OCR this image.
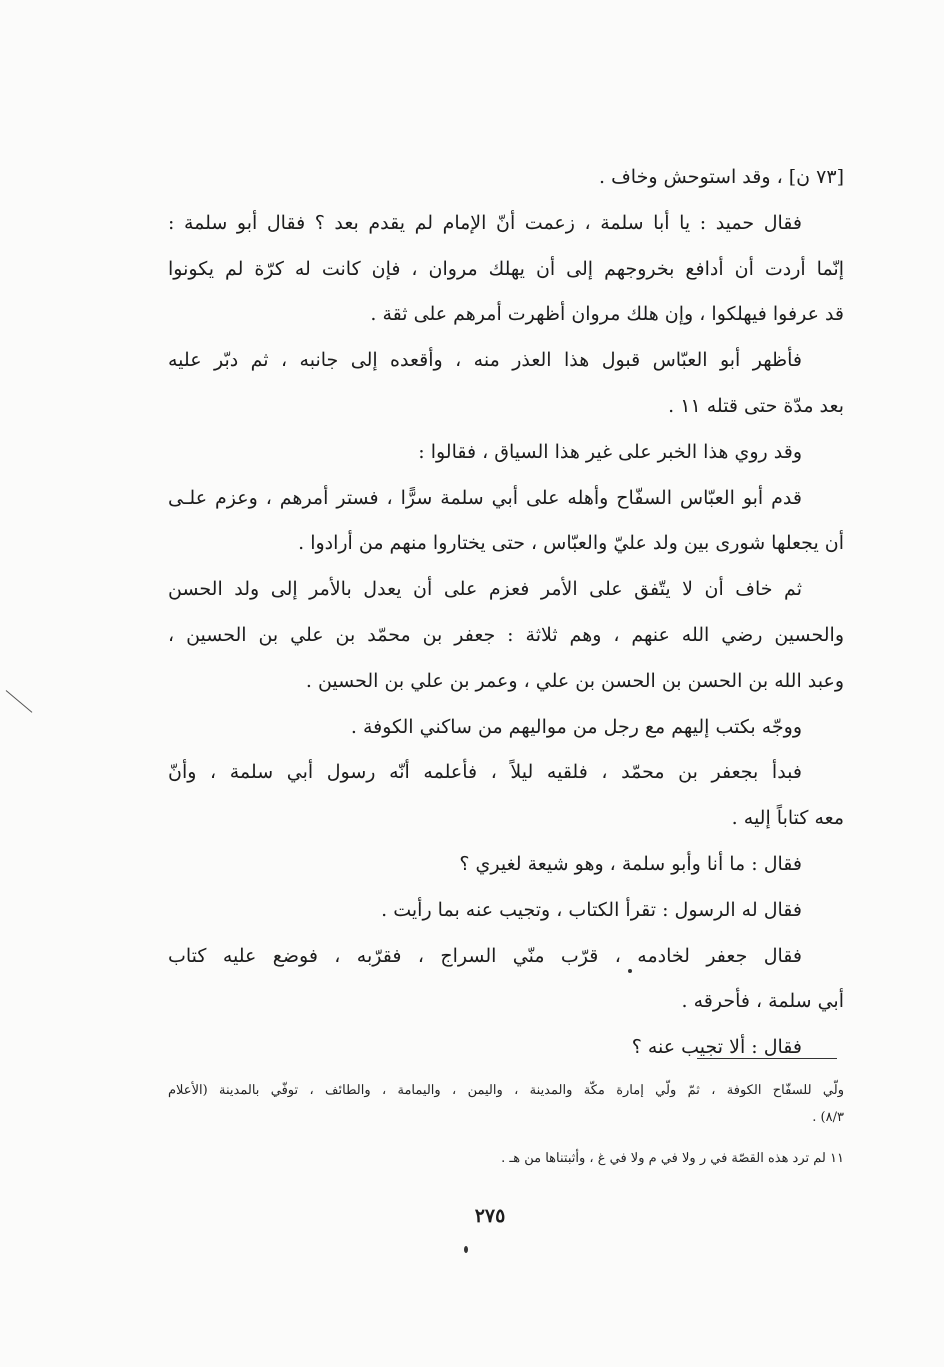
[٧٣ ن] ، وقد استوحش وخاف .
فقال حميد : يا أبا سلمة ، زعمت أنّ الإمام لم يقدم بعد ؟ فقال أبو سلمة :
إنّما أردت أن أدافع بخروجهم إلى أن يهلك مروان ، فإن كانت له كرّة لم يكونوا
قد عرفوا فيهلكوا ، وإن هلك مروان أظهرت أمرهم على ثقة .
فأظهر أبو العبّاس قبول هذا العذر منه ، وأقعده إلى جانبه ، ثم دبّر عليه
بعد مدّة حتى قتله ١١ .
وقد روي هذا الخبر على غير هذا السياق ، فقالوا :
قدم أبو العبّاس السفّاح وأهله على أبي سلمة سرًّا ، فستر أمرهم ، وعزم علـى
أن يجعلها شورى بين ولد عليّ والعبّاس ، حتى يختاروا منهم من أرادوا .
ثم خاف أن لا يتّفق على الأمر فعزم على أن يعدل بالأمر إلى ولد الحسن
والحسين رضي الله عنهم ، وهم ثلاثة : جعفر بن محمّد بن علي بن الحسين ،
وعبد الله بن الحسن بن الحسن بن علي ، وعمر بن علي بن الحسين .
ووجّه بكتب إليهم مع رجل من مواليهم من ساكني الكوفة .
فبدأ بجعفر بن محمّد ، فلقيه ليلاً ، فأعلمه أنّه رسول أبي سلمة ، وأنّ
معه كتاباً إليه .
فقال : ما أنا وأبو سلمة ، وهو شيعة لغيري ؟
فقال له الرسول : تقرأ الكتاب ، وتجيب عنه بما رأيت .
فقال جعفر لخادمه ، قرّب منّي السراج ، فقرّبه ، فوضع عليه كتاب
أبي سلمة ، فأحرقه .
فقال : ألا تجيب عنه ؟
ولّي للسفّاح الكوفة ، ثمّ ولّي إمارة مكّة والمدينة ، واليمن ، واليمامة ، والطائف ، توفّي بالمدينة (الأعلام
٨/٣) .
١١ لم ترد هذه القصّة في ر ولا في م ولا في غ ، وأثبتناها من هـ .
٢٧٥
